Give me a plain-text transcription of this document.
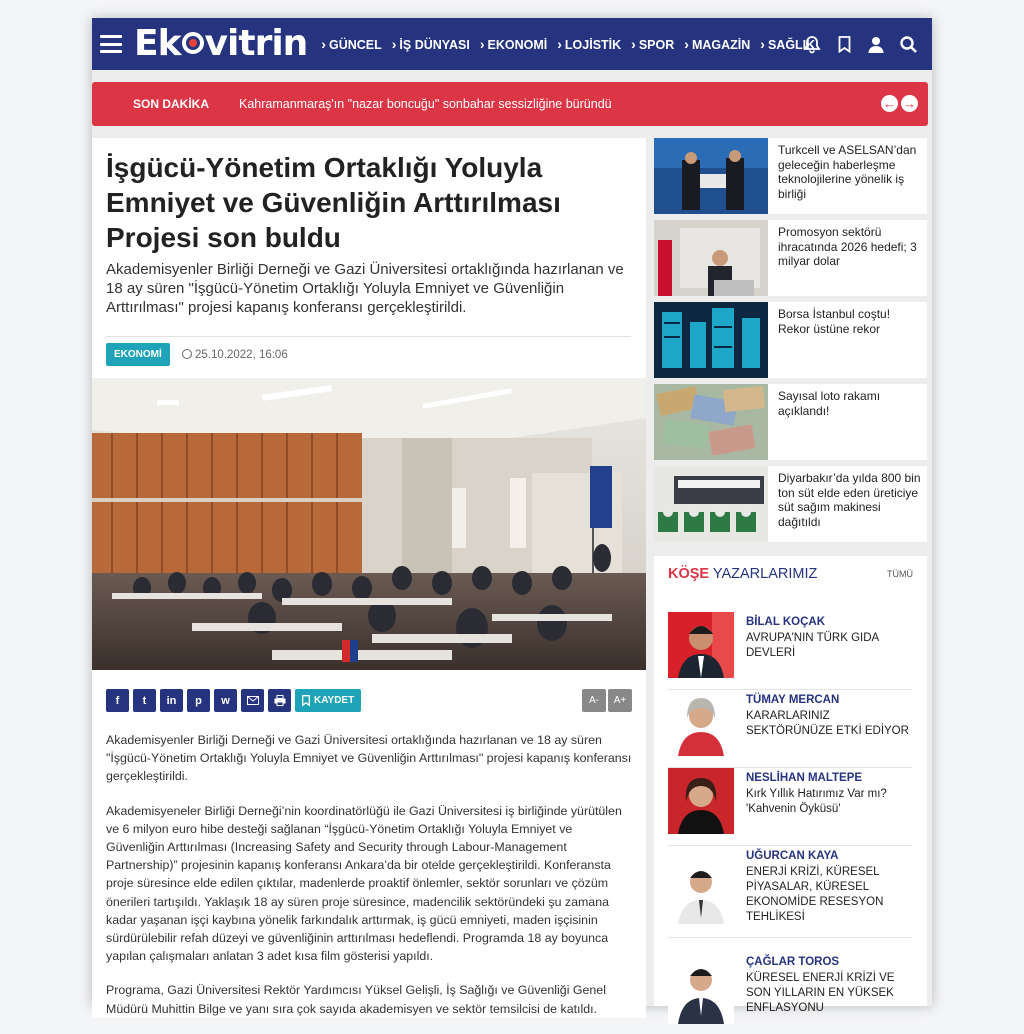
Ek vitrin	› GÜNCEL	› İŞ DÜNYASI	› EKONOMİ	› LOJİSTİK	› SPOR	› MAGAZİN	› SAĞLIK
SON DAKİKA	Kahramanmaraş'ın "nazar boncuğu" sonbahar sessizliğine büründü	← →
İşgücü-Yönetim Ortaklığı Yoluyla Emniyet ve Güvenliğin Arttırılması Projesi son buldu
Akademisyenler Birliği Derneği ve Gazi Üniversitesi ortaklığında hazırlanan ve 18 ay süren "İşgücü-Yönetim Ortaklığı Yoluyla Emniyet ve Güvenliğin Arttırılması" projesi kapanış konferansı gerçekleştirildi.
EKONOMİ	25.10.2022, 16:06
f	t	in	p	w	KAYDET	A-	A+

Akademisyenler Birliği Derneği ve Gazi Üniversitesi ortaklığında hazırlanan ve 18 ay süren "İşgücü-Yönetim Ortaklığı Yoluyla Emniyet ve Güvenliğin Arttırılması" projesi kapanış konferansı gerçekleştirildi.

Akademisyeneler Birliği Derneği’nin koordinatörlüğü ile Gazi Üniversitesi iş birliğinde yürütülen ve 6 milyon euro hibe desteği sağlanan “İşgücü-Yönetim Ortaklığı Yoluyla Emniyet ve Güvenliğin Arttırılması (Increasing Safety and Security through Labour-Management Partnership)” projesinin kapanış konferansı Ankara’da bir otelde gerçekleştirildi. Konferansta proje süresince elde edilen çıktılar, madenlerde proaktif önlemler, sektör sorunları ve çözüm önerileri tartışıldı. Yaklaşık 18 ay süren proje süresince, madencilik sektöründeki şu zamana kadar yaşanan işçi kaybına yönelik farkındalık arttırmak, iş gücü emniyeti, maden işçisinin sürdürülebilir refah düzeyi ve güvenliğinin arttırılması hedeflendi. Programda 18 ay boyunca yapılan çalışmaları anlatan 3 adet kısa film gösterisi yapıldı.

Programa, Gazi Üniversitesi Rektör Yardımcısı Yüksel Gelişli, İş Sağlığı ve Güvenliği Genel Müdürü Muhittin Bilge ve yanı sıra çok sayıda akademisyen ve sektör temsilcisi de katıldı.

Turkcell ve ASELSAN’dan geleceğin haberleşme teknolojilerine yönelik iş birliği
Promosyon sektörü ihracatında 2026 hedefi; 3 milyar dolar
Borsa İstanbul coştu! Rekor üstüne rekor
Sayısal loto rakamı açıklandı!
Diyarbakır’da yılda 800 bin ton süt elde eden üreticiye süt sağım makinesi dağıtıldı
KÖŞE YAZARLARIMIZ	TÜMÜ
BİLAL KOÇAK
AVRUPA'NIN TÜRK GIDA DEVLERİ
TÜMAY MERCAN
KARARLARINIZ SEKTÖRÜNÜZE ETKİ EDİYOR
NESLİHAN MALTEPE
Kırk Yıllık Hatırımız Var mı? 'Kahvenin Öyküsü'
UĞURCAN KAYA
ENERJİ KRİZİ, KÜRESEL PİYASALAR, KÜRESEL EKONOMİDE RESESYON TEHLİKESİ
ÇAĞLAR TOROS
KÜRESEL ENERJİ KRİZİ VE SON YILLARIN EN YÜKSEK ENFLASYONU
